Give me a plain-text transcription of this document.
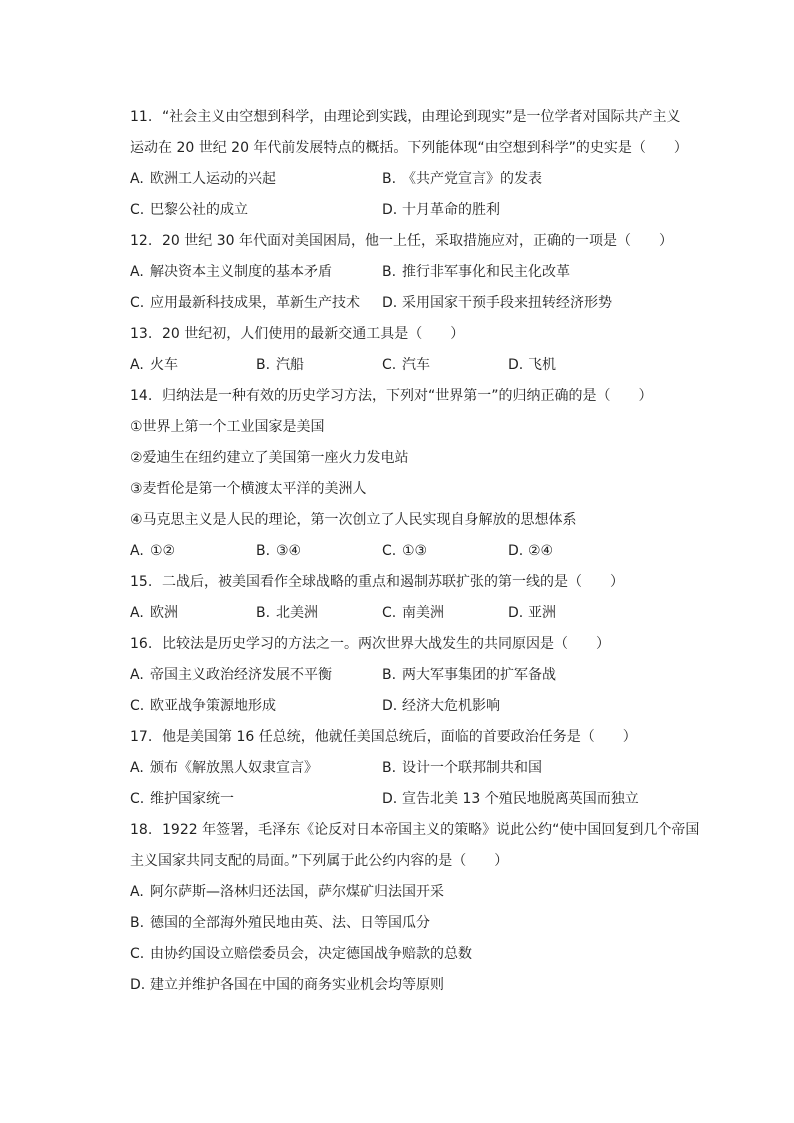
11. “社会主义由空想到科学，由理论到实践，由理论到现实”是一位学者对国际共产主义
运动在 20 世纪 20 年代前发展特点的概括。下列能体现“由空想到科学”的史实是（　　）
A. 欧洲工人运动的兴起	B. 《共产党宣言》的发表
C. 巴黎公社的成立	D. 十月革命的胜利
12. 20 世纪 30 年代面对美国困局，他一上任，采取措施应对，正确的一项是（　　）
A. 解决资本主义制度的基本矛盾	B. 推行非军事化和民主化改革
C. 应用最新科技成果，革新生产技术	D. 采用国家干预手段来扭转经济形势
13. 20 世纪初，人们使用的最新交通工具是（　　）
A. 火车	B. 汽船	C. 汽车	D. 飞机
14. 归纳法是一种有效的历史学习方法，下列对“世界第一”的归纳正确的是（　　）
①世界上第一个工业国家是美国
②爱迪生在纽约建立了美国第一座火力发电站
③麦哲伦是第一个横渡太平洋的美洲人
④马克思主义是人民的理论，第一次创立了人民实现自身解放的思想体系
A. ①②	B. ③④	C. ①③	D. ②④
15. 二战后，被美国看作全球战略的重点和遏制苏联扩张的第一线的是（　　）
A. 欧洲	B. 北美洲	C. 南美洲	D. 亚洲
16. 比较法是历史学习的方法之一。两次世界大战发生的共同原因是（　　）
A. 帝国主义政治经济发展不平衡	B. 两大军事集团的扩军备战
C. 欧亚战争策源地形成	D. 经济大危机影响
17. 他是美国第 16 任总统，他就任美国总统后，面临的首要政治任务是（　　）
A. 颁布《解放黑人奴隶宣言》	B. 设计一个联邦制共和国
C. 维护国家统一	D. 宣告北美 13 个殖民地脱离英国而独立
18. 1922 年签署，毛泽东《论反对日本帝国主义的策略》说此公约“使中国回复到几个帝国
主义国家共同支配的局面。”下列属于此公约内容的是（　　）
A. 阿尔萨斯—洛林归还法国，萨尔煤矿归法国开采
B. 德国的全部海外殖民地由英、法、日等国瓜分
C. 由协约国设立赔偿委员会，决定德国战争赔款的总数
D. 建立并维护各国在中国的商务实业机会均等原则
